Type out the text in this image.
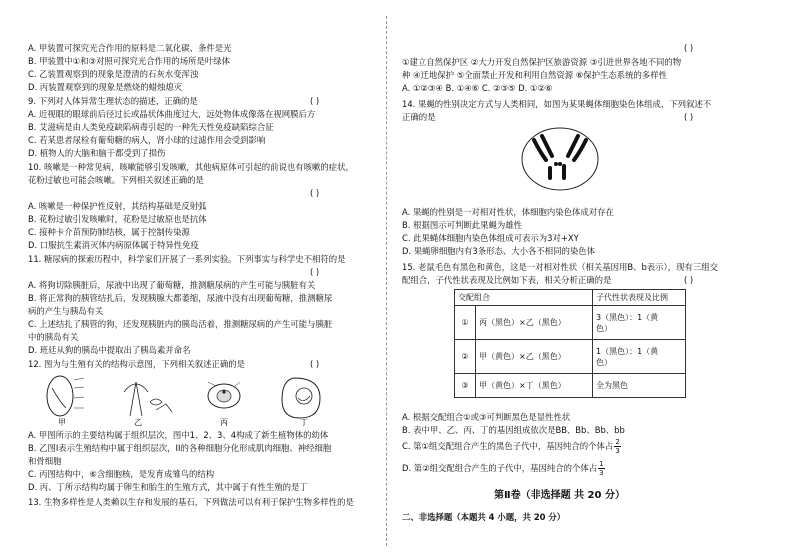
A. 甲装置可探究光合作用的原料是二氧化碳、条件是光
B. 甲装置中①和③对照可探究光合作用的场所是叶绿体
C. 乙装置观察到的现象是澄清的石灰水变浑浊
D. 丙装置观察到的现象是燃烧的蜡烛熄灭
9. 下列对人体异常生理状态的描述，正确的是	( )
A. 近视眼的眼球前后径过长或晶状体曲度过大，远处物体成像落在视网膜后方
B. 艾滋病是由人类免疫缺陷病毒引起的一种先天性免疫缺陷综合征
C. 若某患者尿检有葡萄糖的病人，肾小球的过滤作用会受到影响
D. 植物人的大脑和脑干都受到了损伤
10. 咳嗽是一种常见病，咳嗽能够引发咳嗽，其他病原体可引起的前说也有咳嗽的症状，
花粉过敏也可能会咳嗽。下列相关叙述正确的是
( )
A. 咳嗽是一种保护性反射，其结构基础是反射弧
B. 花粉过敏引发咳嗽时，花粉是过敏原也是抗体
C. 接种卡介苗预防肺结核，属于控制传染源
D. 口服抗生素消灭体内病原体属于特异性免疫
11. 糖尿病的探索历程中，科学家们开展了一系列实验。下列事实与科学史不相符的是
( )
A. 将狗切除胰脏后，尿液中出现了葡萄糖，推测糖尿病的产生可能与胰脏有关
B. 将正常狗的胰管结扎后，发现胰腺大都萎缩，尿液中没有出现葡萄糖，推测糖尿
病的产生与胰岛有关
C. 上述结扎了胰管的狗，还发现胰脏内的胰岛活着，推测糖尿病的产生可能与胰脏
中的胰岛有关
D. 班廷从狗的胰岛中提取出了胰岛素并命名
12. 图为与生殖有关的结构示意图，下列相关叙述正确的是	( )
甲	乙	丙	丁
A. 甲图所示的主要结构属于组织层次，图中1、2、3、4构成了新生植物体的幼体
B. 乙图I表示生殖结构中属于组织层次，II的各种细胞分化形成肌肉细胞、神经细胞
和骨细胞
C. 丙图结构中，⑥含细胞核，是发育成雏鸟的结构
D. 丙、丁所示结构均属于卵生和胎生的生殖方式，其中属于有性生殖的是丁
13. 生物多样性是人类赖以生存和发展的基石，下列做法可以有利于保护生物多样性的是
( )
①建立自然保护区 ②大力开发自然保护区旅游资源 ③引进世界各地不同的物
种 ④迁地保护 ⑤全面禁止开发和利用自然资源 ⑥保护生态系统的多样性
A. ①②③④ B. ①④⑥ C. ②③⑤ D. ①②⑥
14. 果蝇的性别决定方式与人类相同，如图为某果蝇体细胞染色体组成，下列叙述不
正确的是	( )
A. 果蝇的性别是一对相对性状，体细胞内染色体成对存在
B. 根据图示可判断此果蝇为雄性
C. 此果蝇体细胞内染色体组成可表示为3对+XY
D. 果蝇卵细胞内有3条形态、大小各不相同的染色体
15. 老鼠毛色有黑色和黄色，这是一对相对性状（相关基因用B、b表示），现有三组交
配组合，子代性状表现及比例如下表，相关分析正确的是	( )
交配组合		子代性状表现及比例
①	丙（黑色）×乙（黑色）	3（黑色）：1（黄
色）
②	甲（黄色）×乙（黑色）	1（黑色）：1（黄
色）
③	甲（黄色）×丁（黑色）	全为黑色
A. 根据交配组合①或③可判断黑色是显性性状
B. 表中甲、乙、丙、丁的基因组成依次是BB、Bb、Bb、bb
C. 第①组交配组合产生的黑色子代中，基因纯合的个体占 $\frac{2}{3}$
D. 第②组交配组合产生的子代中，基因纯合的个体占 $\frac{1}{3}$
第Ⅱ卷（非选择题 共 20 分）
二、非选择题（本题共 4 小题，共 20 分）
